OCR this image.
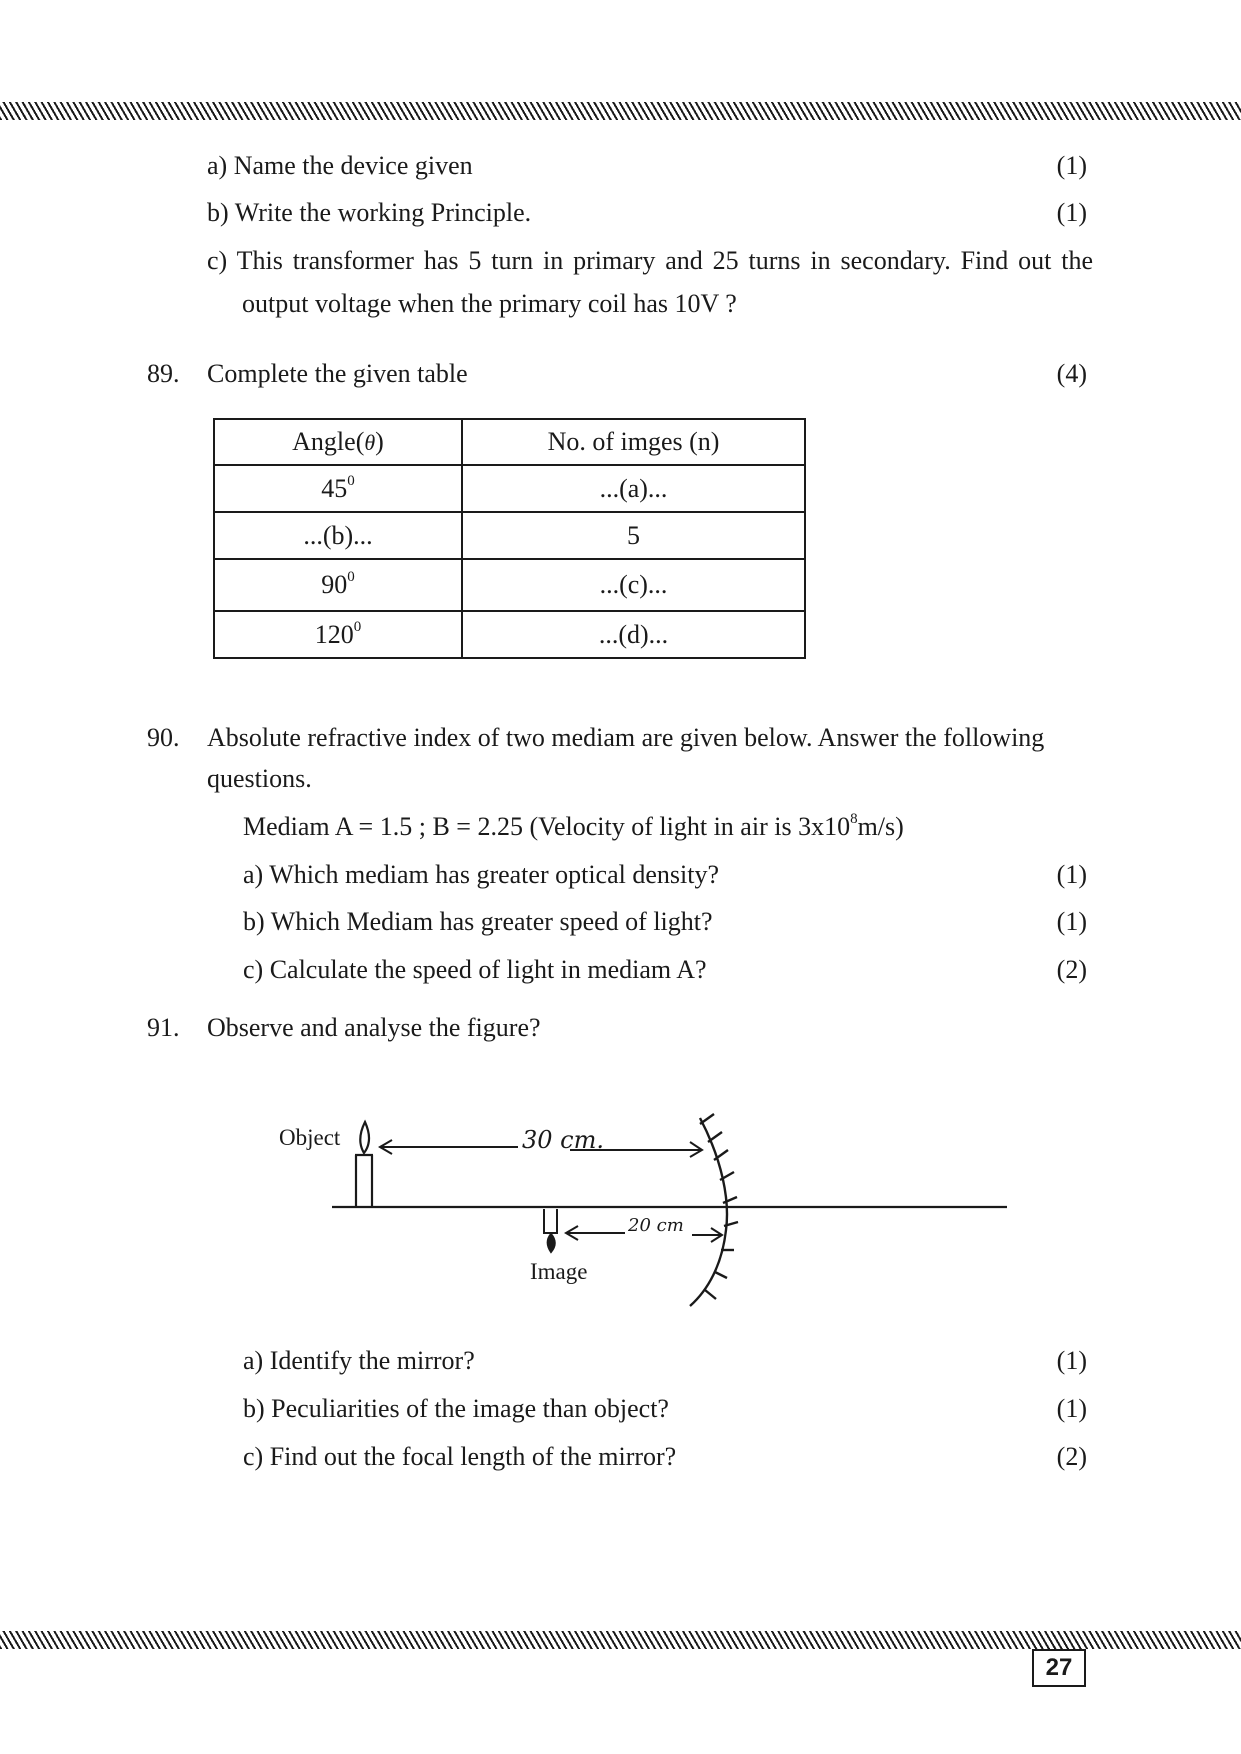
a) Name the device given	(1)
b) Write the working Principle.	(1)
c) This transformer has 5 turn in primary and 25 turns in secondary. Find out the
output voltage when the primary coil has 10V ?
89. Complete the given table	(4)
Angle(θ)	No. of imges (n)
$45^0$	...(a)...
...(b)...	5
$90^0$	...(c)...
$120^0$	...(d)...
90. Absolute refractive index of two mediam are given below. Answer the following
questions.
Mediam A = 1.5 ; B = 2.25 (Velocity of light in air is $3x10^8m/s$)
a) Which mediam has greater optical density?	(1)
b) Which Mediam has greater speed of light?	(1)
c) Calculate the speed of light in mediam A?	(2)
91. Observe and analyse the figure?
Object
Image
30 cm.
20 cm
a) Identify the mirror?	(1)
b) Peculiarities of the image than object?	(1)
c) Find out the focal length of the mirror?	(2)
27
